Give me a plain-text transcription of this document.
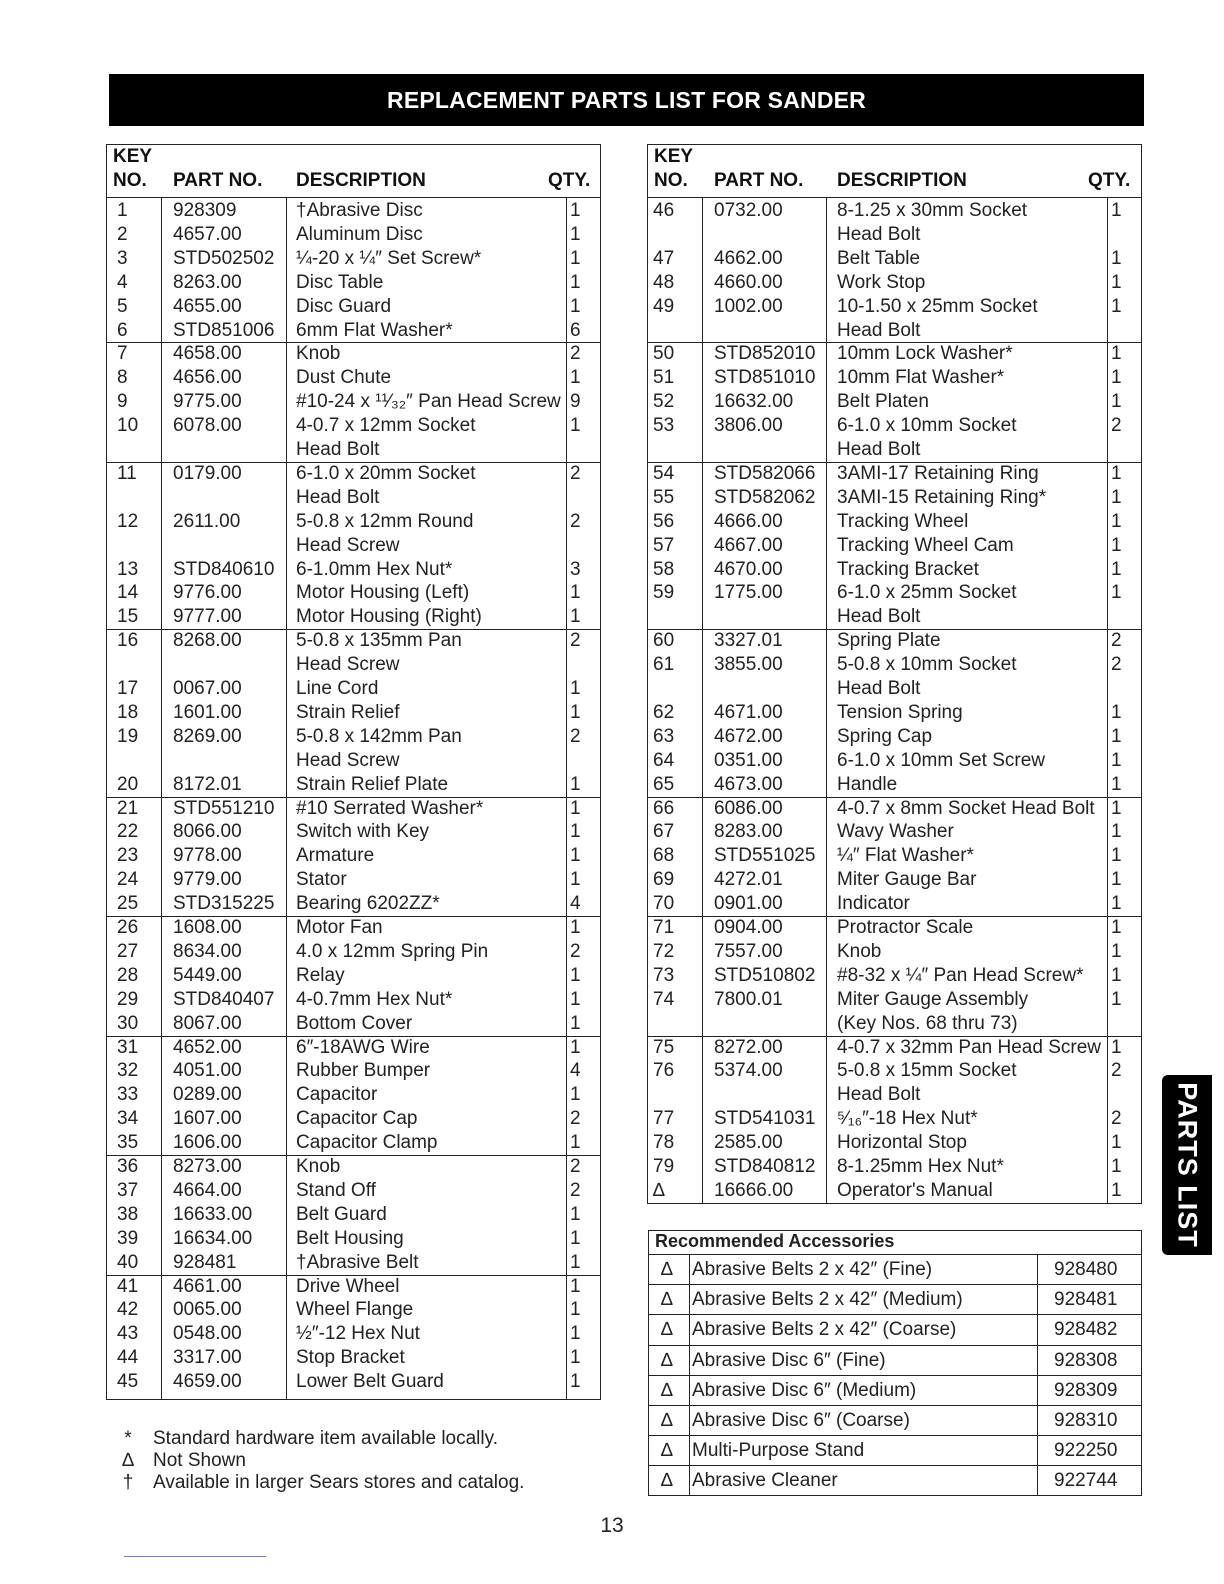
REPLACEMENT PARTS LIST FOR SANDER
KEY
NO. PART NO. DESCRIPTION	QTY.
1 928309	†Abrasive Disc	1
2 4657.00	Aluminum Disc	1
3 STD502502 ¼-20 x ¼″ Set Screw*	1
4 8263.00	Disc Table	1
5 4655.00	Disc Guard	1
6 STD851006 6mm Flat Washer*	6
7 4658.00	Knob	2
8 4656.00	Dust Chute	1
9 9775.00	#10-24 x ¹¹⁄₃₂″ Pan Head Screw 9
10 6078.00	4-0.7 x 12mm Socket	1
Head Bolt
11 0179.00	6-1.0 x 20mm Socket	2
Head Bolt
12 2611.00	5-0.8 x 12mm Round	2
Head Screw
13 STD840610 6-1.0mm Hex Nut*	3
14 9776.00	Motor Housing (Left)	1
15 9777.00	Motor Housing (Right)	1
16 8268.00	5-0.8 x 135mm Pan	2
Head Screw
17 0067.00	Line Cord	1
18 1601.00	Strain Relief	1
19 8269.00	5-0.8 x 142mm Pan	2
Head Screw
20 8172.01	Strain Relief Plate	1
21 STD551210 #10 Serrated Washer*	1
22 8066.00	Switch with Key	1
23 9778.00	Armature	1
24 9779.00	Stator	1
25 STD315225 Bearing 6202ZZ*	4
26 1608.00	Motor Fan	1
27 8634.00	4.0 x 12mm Spring Pin	2
28 5449.00	Relay	1
29 STD840407 4-0.7mm Hex Nut*	1
30 8067.00	Bottom Cover	1
31 4652.00	6″-18AWG Wire	1
32 4051.00	Rubber Bumper	4
33 0289.00	Capacitor	1
34 1607.00	Capacitor Cap	2
35 1606.00	Capacitor Clamp	1
36 8273.00	Knob	2
37 4664.00	Stand Off	2
38 16633.00 Belt Guard	1
39 16634.00 Belt Housing	1
40 928481	†Abrasive Belt	1
41 4661.00	Drive Wheel	1
42 0065.00	Wheel Flange	1
43 0548.00	½″-12 Hex Nut	1
44 3317.00	Stop Bracket	1
45 4659.00	Lower Belt Guard	1
KEY
NO. PART NO. DESCRIPTION	QTY.
46 0732.00	8-1.25 x 30mm Socket	1
Head Bolt
47 4662.00	Belt Table	1
48 4660.00	Work Stop	1
49 1002.00	10-1.50 x 25mm Socket	1
Head Bolt
50 STD852010 10mm Lock Washer*	1
51 STD851010 10mm Flat Washer*	1
52 16632.00 Belt Platen	1
53 3806.00	6-1.0 x 10mm Socket	2
Head Bolt
54 STD582066 3AMI-17 Retaining Ring	1
55 STD582062 3AMI-15 Retaining Ring*	1
56 4666.00	Tracking Wheel	1
57 4667.00	Tracking Wheel Cam	1
58 4670.00	Tracking Bracket	1
59 1775.00	6-1.0 x 25mm Socket	1
Head Bolt
60 3327.01	Spring Plate	2
61 3855.00	5-0.8 x 10mm Socket	2
Head Bolt
62 4671.00	Tension Spring	1
63 4672.00	Spring Cap	1
64 0351.00	6-1.0 x 10mm Set Screw	1
65 4673.00	Handle	1
66 6086.00	4-0.7 x 8mm Socket Head Bolt 1
67 8283.00	Wavy Washer	1
68 STD551025 ¼″ Flat Washer*	1
69 4272.01	Miter Gauge Bar	1
70 0901.00	Indicator	1
71 0904.00	Protractor Scale	1
72 7557.00	Knob	1
73 STD510802 #8-32 x ¼″ Pan Head Screw* 1
74 7800.01	Miter Gauge Assembly	1
(Key Nos. 68 thru 73)
75 8272.00	4-0.7 x 32mm Pan Head Screw 1
76 5374.00	5-0.8 x 15mm Socket	2
Head Bolt
77 STD541031 ⁵⁄₁₆″-18 Hex Nut*	2
78 2585.00	Horizontal Stop	1
79 STD840812 8-1.25mm Hex Nut*	1
∆	16666.00 Operator's Manual	1
Recommended Accessories
∆ Abrasive Belts 2 x 42″ (Fine)	928480
∆ Abrasive Belts 2 x 42″ (Medium)	928481
∆ Abrasive Belts 2 x 42″ (Coarse)	928482
∆ Abrasive Disc 6″ (Fine)	928308
∆ Abrasive Disc 6″ (Medium)	928309
∆ Abrasive Disc 6″ (Coarse)	928310
∆ Multi-Purpose Stand	922250
∆ Abrasive Cleaner	922744
*	Standard hardware item available locally.
∆ Not Shown
† Available in larger Sears stores and catalog.
13
PARTS LIST
